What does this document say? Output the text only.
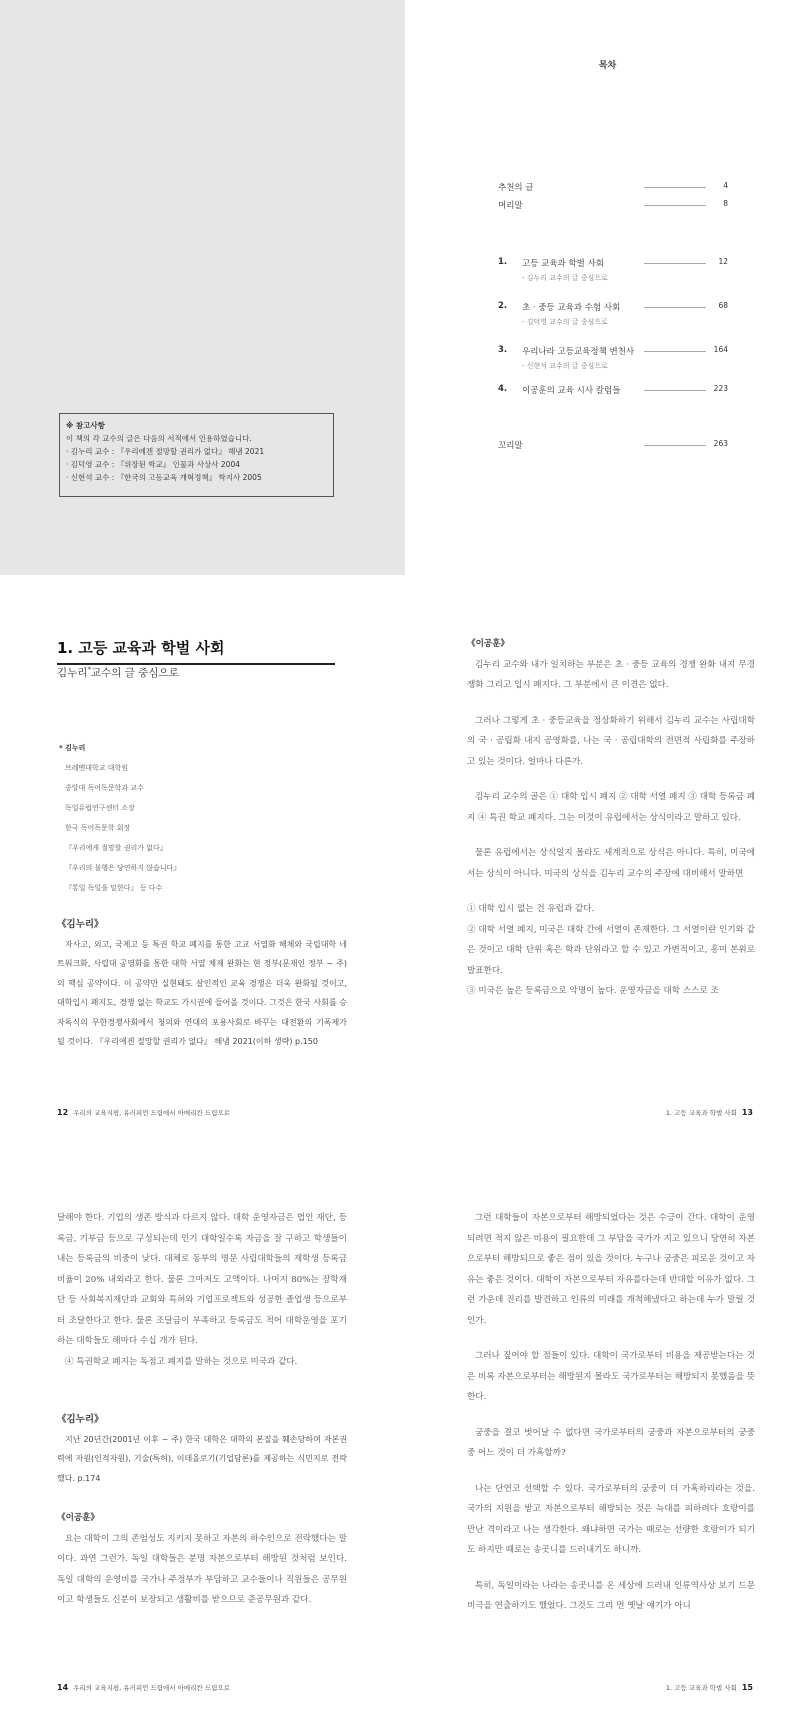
※ 참고사항
이 책의 각 교수의 글은 다음의 서적에서 인용하였습니다.
· 김누리 교수 : 『우리에겐 절망할 권리가 없다』 해냄 2021
· 김덕영 교수 : 『위장된 학교』 인물과 사상사 2004
· 신현석 교수 : 『한국의 고등교육 개혁정책』 학지사 2005
목차
추천의 글	4
머리말	8
1. 고등 교육과 학벌 사회	12
- 김누리 교수의 글 중심으로
2. 초 · 중등 교육과 수험 사회	68
- 김덕영 교수의 글 중심으로
3. 우리나라 고등교육정책 변천사	164
- 신현석 교수의 글 중심으로
4. 이공훈의 교육 시사 칼럼들	223
꼬리말	263
1. 고등 교육과 학벌 사회
김누리*교수의 글 중심으로
* 김누리
브레멘대학교 대학원
중앙대 독어독문학과 교수
독일유럽연구센터 소장
한국 독어독문학 회장
『우리에게 절망할 권리가 없다』
『우리의 불행은 당연하지 않습니다』
『통일 독일을 말한다』 등 다수
《김누리》
자사고, 외고, 국제고 등 특권 학교 폐지를 통한 고교 서열화 해체와 국립대학 네트워크화, 사립대 공영화를 통한 대학 서열 체제 완화는 현 정부(문재인 정부 ~ 주)의 핵심 공약이다. 이 공약만 실현돼도 살인적인 교육 경쟁은 더욱 완화될 것이고, 대학입시 폐지도, 경쟁 없는 학교도 가시권에 들어올 것이다. 그것은 한국 사회를 승자독식의 무한경쟁사회에서 청의와 연대의 포용사회로 바꾸는 대전환의 기폭제가 될 것이다. 『우리에겐 절망할 권리가 없다』 해냄 2021(이하 생략) p.150
12 우리의 교육지평, 유러피언 드림에서 아메리칸 드림으로
《이공훈》
김누리 교수와 내가 일치하는 부분은 초 · 중등 교육의 경쟁 완화 내지 무경쟁화 그리고 입시 폐지다. 그 부분에서 큰 이견은 없다.
그러나 그렇게 초 · 중등교육을 정상화하기 위해서 김누리 교수는 사립대학의 국 · 공립화 내지 공영화를, 나는 국 · 공립대학의 전면적 사립화를 주장하고 있는 것이다. 얼마나 다른가.
김누리 교수의 골은 ① 대학 입시 폐지 ② 대학 서열 폐지 ③ 대학 등록금 폐지 ④ 특권 학교 폐지다. 그는 이것이 유럽에서는 상식이라고 말하고 있다.
물론 유럽에서는 상식일지 몰라도 세계적으로 상식은 아니다. 특히, 미국에서는 상식이 아니다. 미국의 상식을 김누리 교수의 주장에 대비해서 말하면
① 대학 입시 없는 건 유럽과 같다.
② 대학 서열 폐지, 미국은 대학 간에 서열이 존재한다. 그 서열이란 인기와 같은 것이고 대학 단위 혹은 학과 단위라고 할 수 있고 가변적이고, 흥미 본위로 발표한다.
③ 미국은 높은 등록금으로 악명이 높다. 운영자금을 대학 스스로 조
1. 고등 교육과 학벌 사회 13
달해야 한다. 기업의 생존 방식과 다르지 않다. 대학 운영자금은 법인 재단, 등록금, 기부금 등으로 구성되는데 인기 대학일수록 자금을 잘 구하고 학생들이 내는 등록금의 비중이 낮다. 대체로 동부의 명문 사립대학들의 재학생 등록금 비율이 20% 내외라고 한다. 물론 그마저도 고액이다. 나머지 80%는 장학재단 등 사회복지재단과 교회와 특허와 기업프로젝트와 성공한 졸업생 등으로부터 조달한다고 한다. 물론 조달금이 부족하고 등록금도 적어 대학운영을 포기하는 대학들도 해마다 수십 개가 된다.
④ 특권학교 폐지는 독점고 폐지를 말하는 것으로 미국과 같다.
《김누리》
지난 20년간(2001년 이후 ~ 주) 한국 대학은 대학의 본질을 훼손당하며 자본권력에 자원(인적자원), 기술(특허), 이데올로기(기업담론)를 제공하는 식민지로 전락했다. p.174
《이공훈》
요는 대학이 그의 존엄성도 지키지 못하고 자본의 하수인으로 전락했다는 말이다. 과연 그런가. 독일 대학들은 분명 자본으로부터 해방된 것처럼 보인다. 독일 대학의 운영비를 국가나 주정부가 부담하고 교수들이나 직원들은 공무원이고 학생들도 신분이 보장되고 생활비를 받으므로 준공무원과 같다.
14 우리의 교육지평, 유러피언 드림에서 아메리칸 드림으로
그런 대학들이 자본으로부터 해방되었다는 것은 수긍이 간다. 대학이 운영되려면 적지 않은 비용이 필요한데 그 부담을 국가가 지고 있으니 당연히 자본으로부터 해방되므로 좋은 점이 있을 것이다. 누구나 궁중은 피로운 것이고 자유는 좋은 것이다. 대학이 자본으로부터 자유를다는데 반대할 이유가 없다. 그런 가운데 진리를 발견하고 인류의 미래를 개척해냈다고 하는데 누가 말릴 것인가.
그러나 짚어야 할 점들이 있다. 대학이 국가로부터 비용을 제공받는다는 것은 비록 자본으로부터는 해방된지 몰라도 국가로부터는 해방되지 못했음을 뜻한다.
궁중을 결코 벗어날 수 없다면 국가로부터의 궁중과 자본으로부터의 궁중 중 어느 것이 더 가혹할까?
나는 단연코 선택할 수 있다. 국가로부터의 궁중이 더 가혹하리라는 것을. 국가의 지원을 받고 자본으로부터 해방되는 것은 늑대를 피하려다 호랑이를 만난 격이라고 나는 생각한다. 왜냐하면 국가는 때로는 선량한 호랑이가 되기도 하지만 때로는 송곳니를 드러내기도 하니까.
특히, 독일이라는 나라는 송곳니를 온 세상에 드러내 인류역사상 보기 드문 비극을 연출하기도 했었다. 그것도 그리 먼 옛날 얘기가 아니
1. 고등 교육과 학벌 사회 15
